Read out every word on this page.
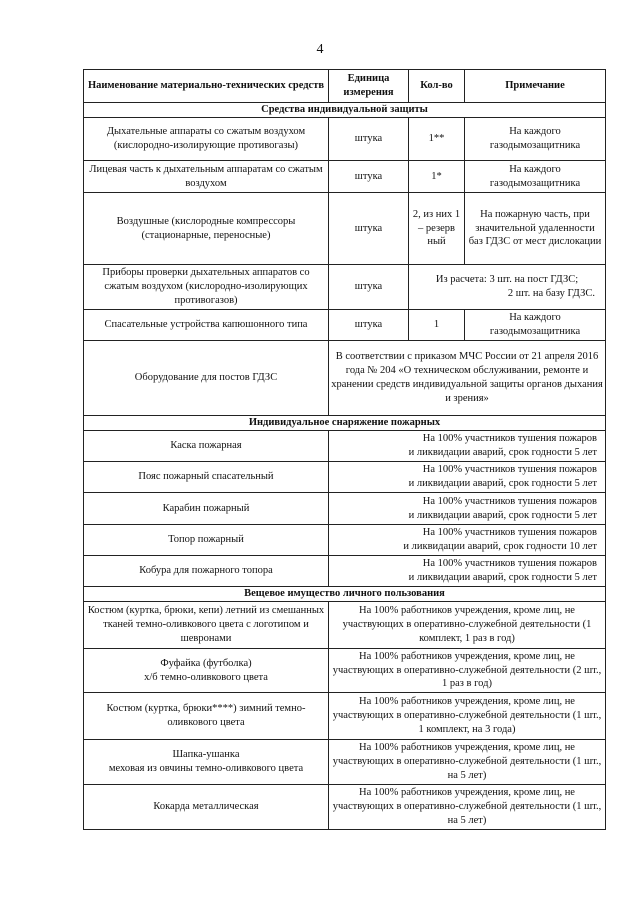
4
Наименование материально-технических средств	Единица измерения	Кол-во	Примечание
Средства индивидуальной защиты			
Дыхательные аппараты со сжатым воздухом (кислородно-изолирующие противогазы)	штука	1**	На каждого газодымозащитника
Лицевая часть к дыхательным аппаратам со сжатым воздухом	штука	1*	На каждого газодымозащитника
Воздушные (кислородные компрессоры (стационарные, переносные)	штука	2, из них 1 – резерв ный	На пожарную часть, при значительной удаленности баз ГДЗС от мест дислокации
Приборы проверки дыхательных аппаратов со сжатым воздухом (кислородно-изолирующих противогазов)	штука	Из расчета: 3 шт. на пост ГДЗС;
2 шт. на базу ГДЗС.	

Спасательные устройства капюшонного типа	штука	1	На каждого газодымозащитника
Оборудование для постов ГДЗС	В соответствии с приказом МЧС России от 21 апреля 2016 года № 204 «О техническом обслуживании, ремонте и хранении средств индивидуальной защиты органов дыхания и зрения»		
Индивидуальное снаряжение пожарных			
Каска пожарная	На 100% участников тушения пожаров
и ликвидации аварий, срок годности 5 лет		

Пояс пожарный спасательный	На 100% участников тушения пожаров
и ликвидации аварий, срок годности 5 лет		

Карабин пожарный	На 100% участников тушения пожаров
и ликвидации аварий, срок годности 5 лет		

Топор пожарный	На 100% участников тушения пожаров
и ликвидации аварий, срок годности 10 лет		

Кобура для пожарного топора	На 100% участников тушения пожаров
и ликвидации аварий, срок годности 5 лет		

Вещевое имущество личного пользования			
Костюм (куртка, брюки, кепи) летний из смешанных тканей темно-оливкового цвета с логотипом и шевронами	На 100% работников учреждения, кроме лиц, не участвующих в оперативно-служебной деятельности (1 комплект, 1 раз в год)		

Фуфайка (футболка)
х/б темно-оливкового цвета	На 100% работников учреждения, кроме лиц, не участвующих в оперативно-служебной деятельности (2 шт., 1 раз в год)		
Костюм (куртка, брюки****) зимний темно-оливкового цвета	На 100% работников учреждения, кроме лиц, не участвующих в оперативно-служебной деятельности (1 шт., 1 комплект, на 3 года)		

Шапка-ушанка
меховая из овчины темно-оливкового цвета	На 100% работников учреждения, кроме лиц, не участвующих в оперативно-служебной деятельности (1 шт., на 5 лет)		
Кокарда металлическая	На 100% работников учреждения, кроме лиц, не участвующих в оперативно-служебной деятельности (1 шт., на 5 лет)		
